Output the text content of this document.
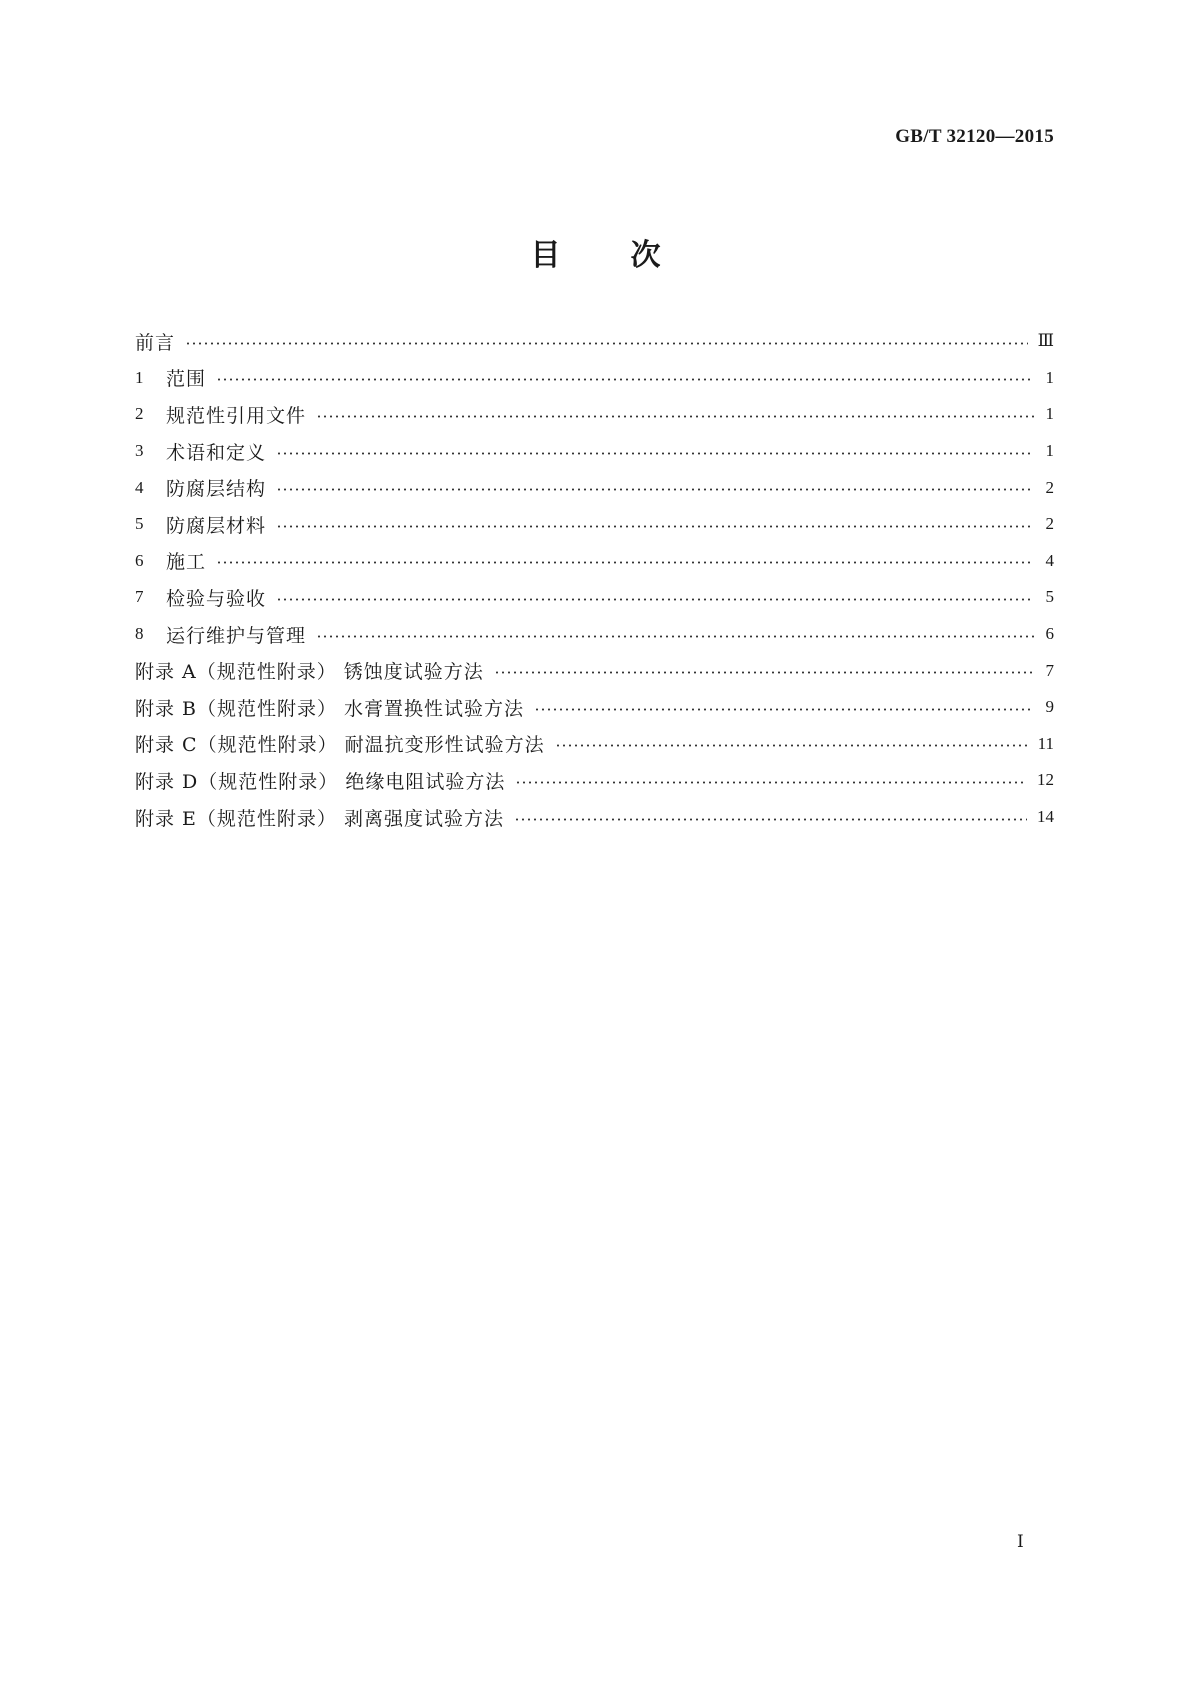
GB/T 32120—2015
目 次
前言	Ⅲ
1	范围	1
2	规范性引用文件	1
3	术语和定义	1
4	防腐层结构	2
5	防腐层材料	2
6	施工	4
7	检验与验收	5
8	运行维护与管理	6
附录 A（规范性附录） 锈蚀度试验方法	7
附录 B（规范性附录） 水膏置换性试验方法	9
附录 C（规范性附录） 耐温抗变形性试验方法	11
附录 D（规范性附录） 绝缘电阻试验方法	12
附录 E（规范性附录） 剥离强度试验方法	14
Ⅰ
